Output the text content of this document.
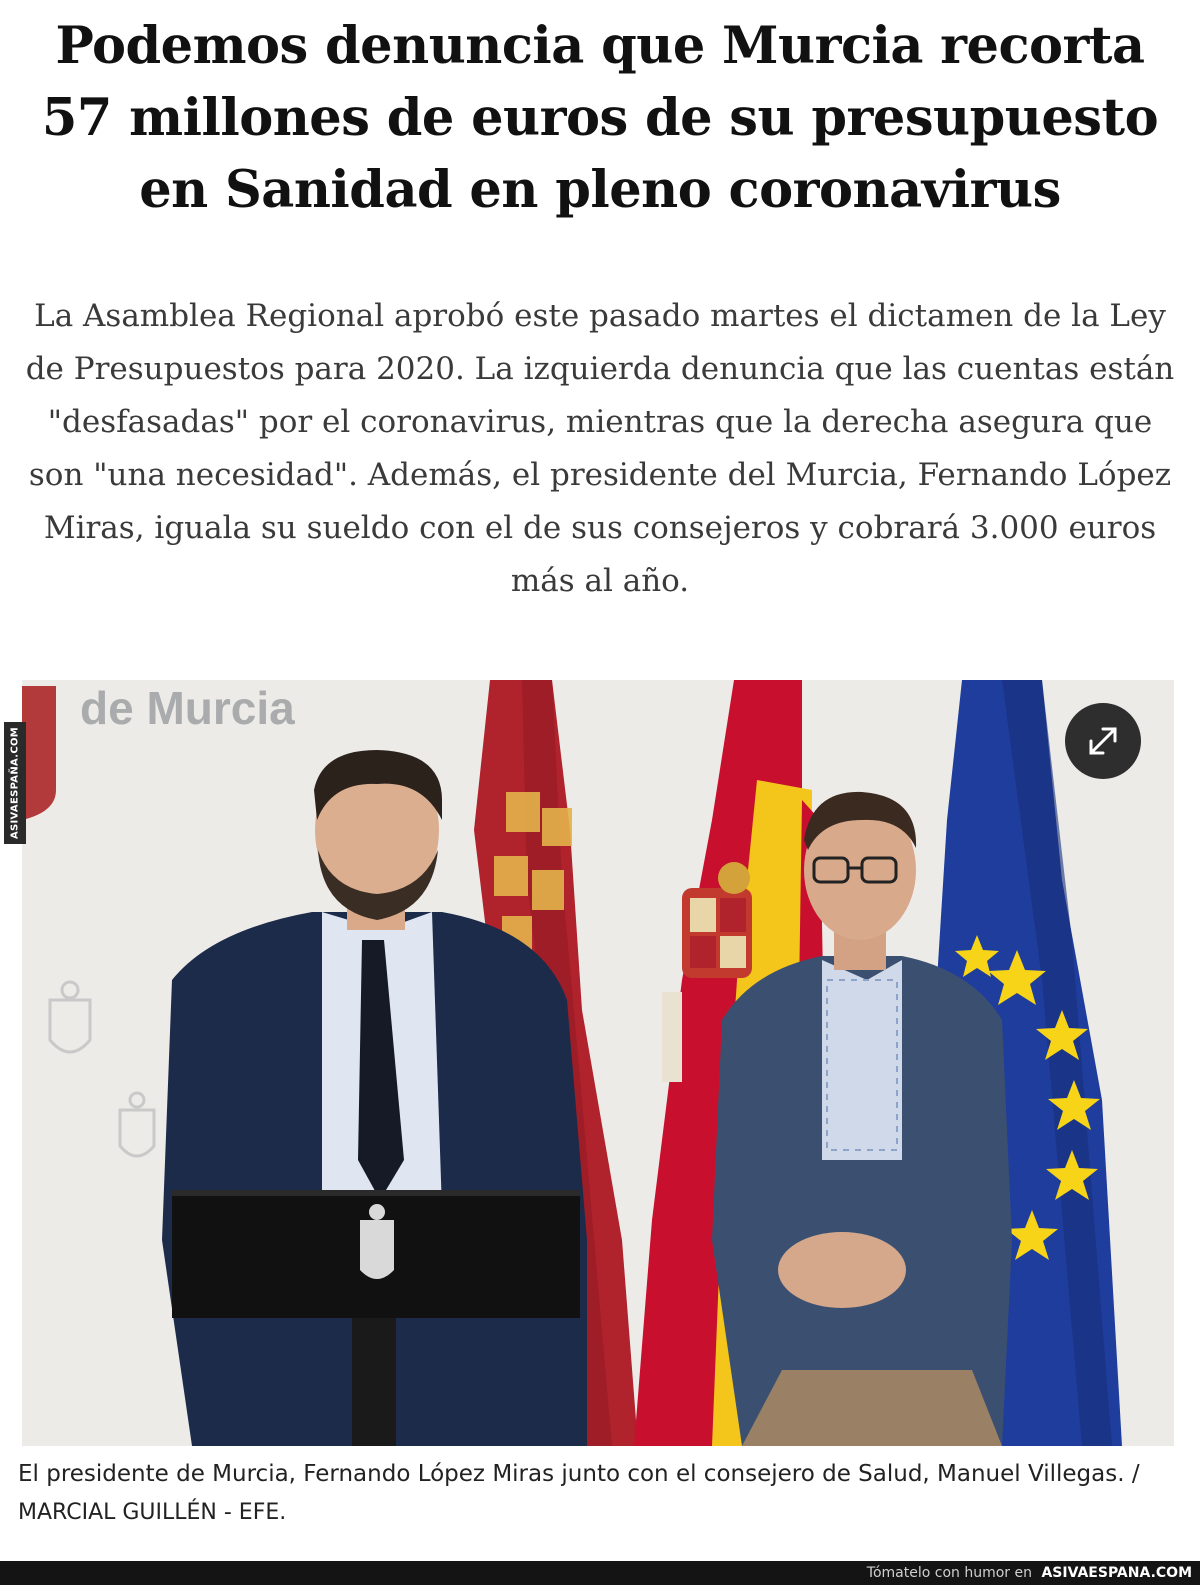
Podemos denuncia que Murcia recorta 57 millones de euros de su presupuesto en Sanidad en pleno coronavirus

La Asamblea Regional aprobó este pasado martes el dictamen de la Ley de Presupuestos para 2020. La izquierda denuncia que las cuentas están "desfasadas" por el coronavirus, mientras que la derecha asegura que son "una necesidad". Además, el presidente del Murcia, Fernando López Miras, iguala su sueldo con el de sus consejeros y cobrará 3.000 euros más al año.

de Murcia
ASIVAESPAÑA.COM

El presidente de Murcia, Fernando López Miras junto con el consejero de Salud, Manuel Villegas. / MARCIAL GUILLÉN - EFE.

Tómatelo con humor en ASIVAESPANA.COM
